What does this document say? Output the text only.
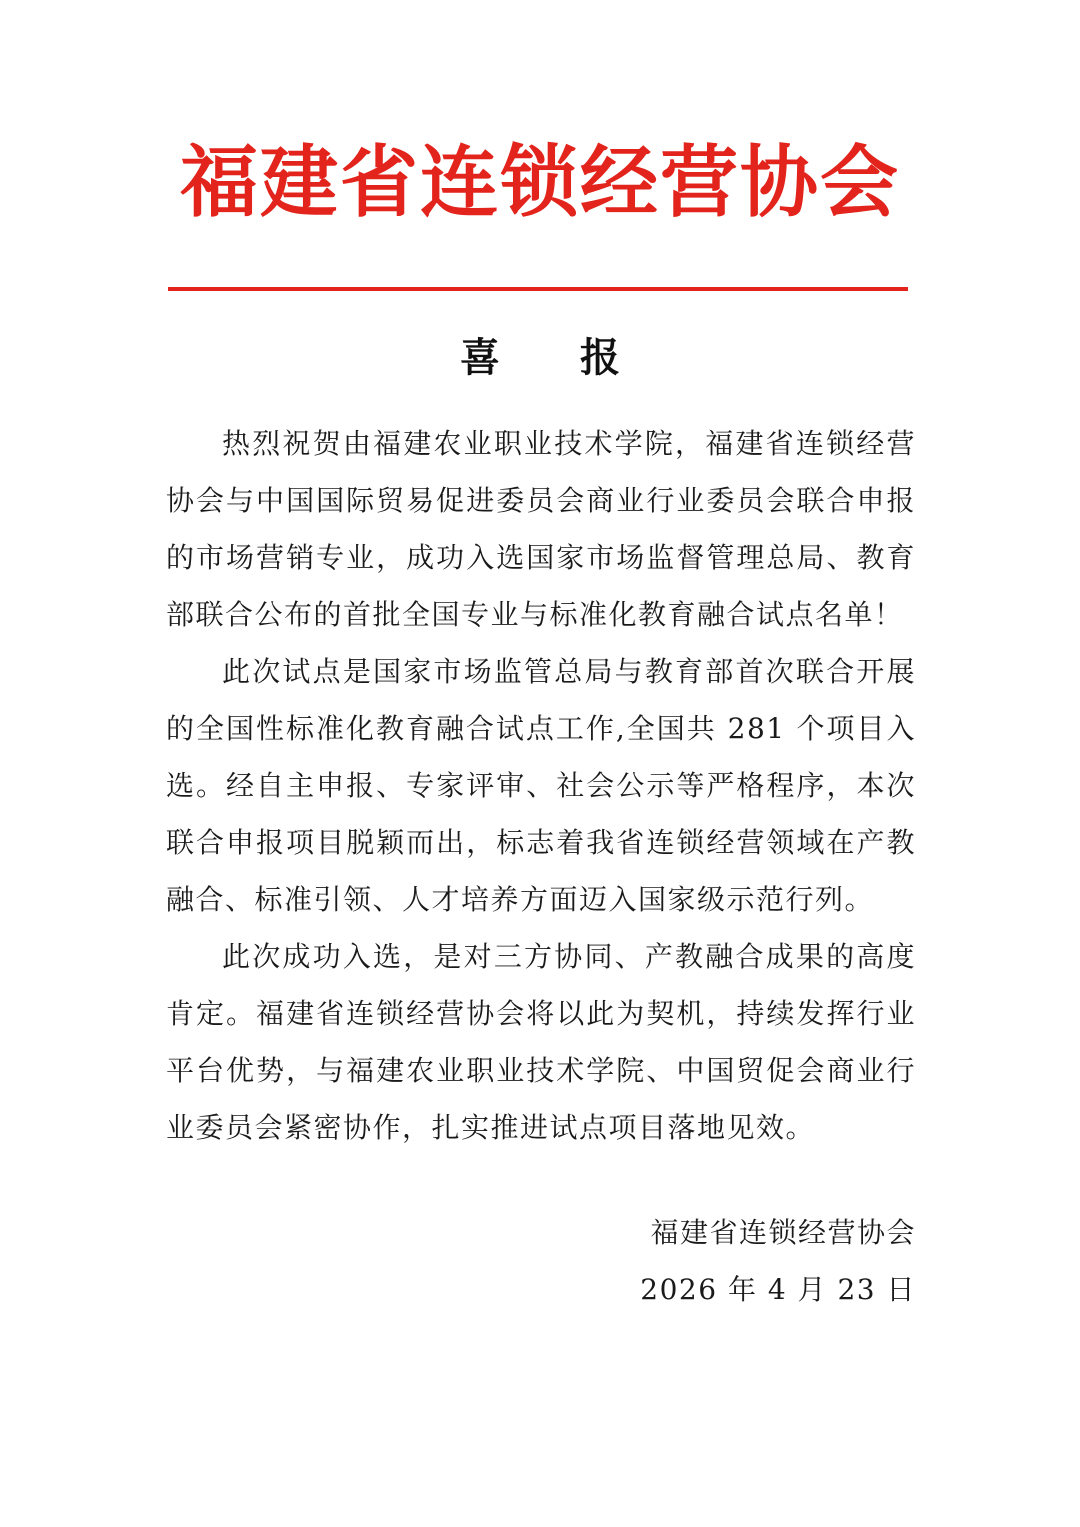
福建省连锁经营协会
喜 报

热烈祝贺由福建农业职业技术学院，福建省连锁经营协会与中国国际贸易促进委员会商业行业委员会联合申报的市场营销专业，成功入选国家市场监督管理总局、教育部联合公布的首批全国专业与标准化教育融合试点名单！

此次试点是国家市场监管总局与教育部首次联合开展的全国性标准化教育融合试点工作,全国共 281 个项目入选。经自主申报、专家评审、社会公示等严格程序，本次联合申报项目脱颖而出，标志着我省连锁经营领域在产教融合、标准引领、人才培养方面迈入国家级示范行列。

此次成功入选，是对三方协同、产教融合成果的高度肯定。福建省连锁经营协会将以此为契机，持续发挥行业平台优势，与福建农业职业技术学院、中国贸促会商业行业委员会紧密协作，扎实推进试点项目落地见效。

福建省连锁经营协会
2026 年 4 月 23 日
